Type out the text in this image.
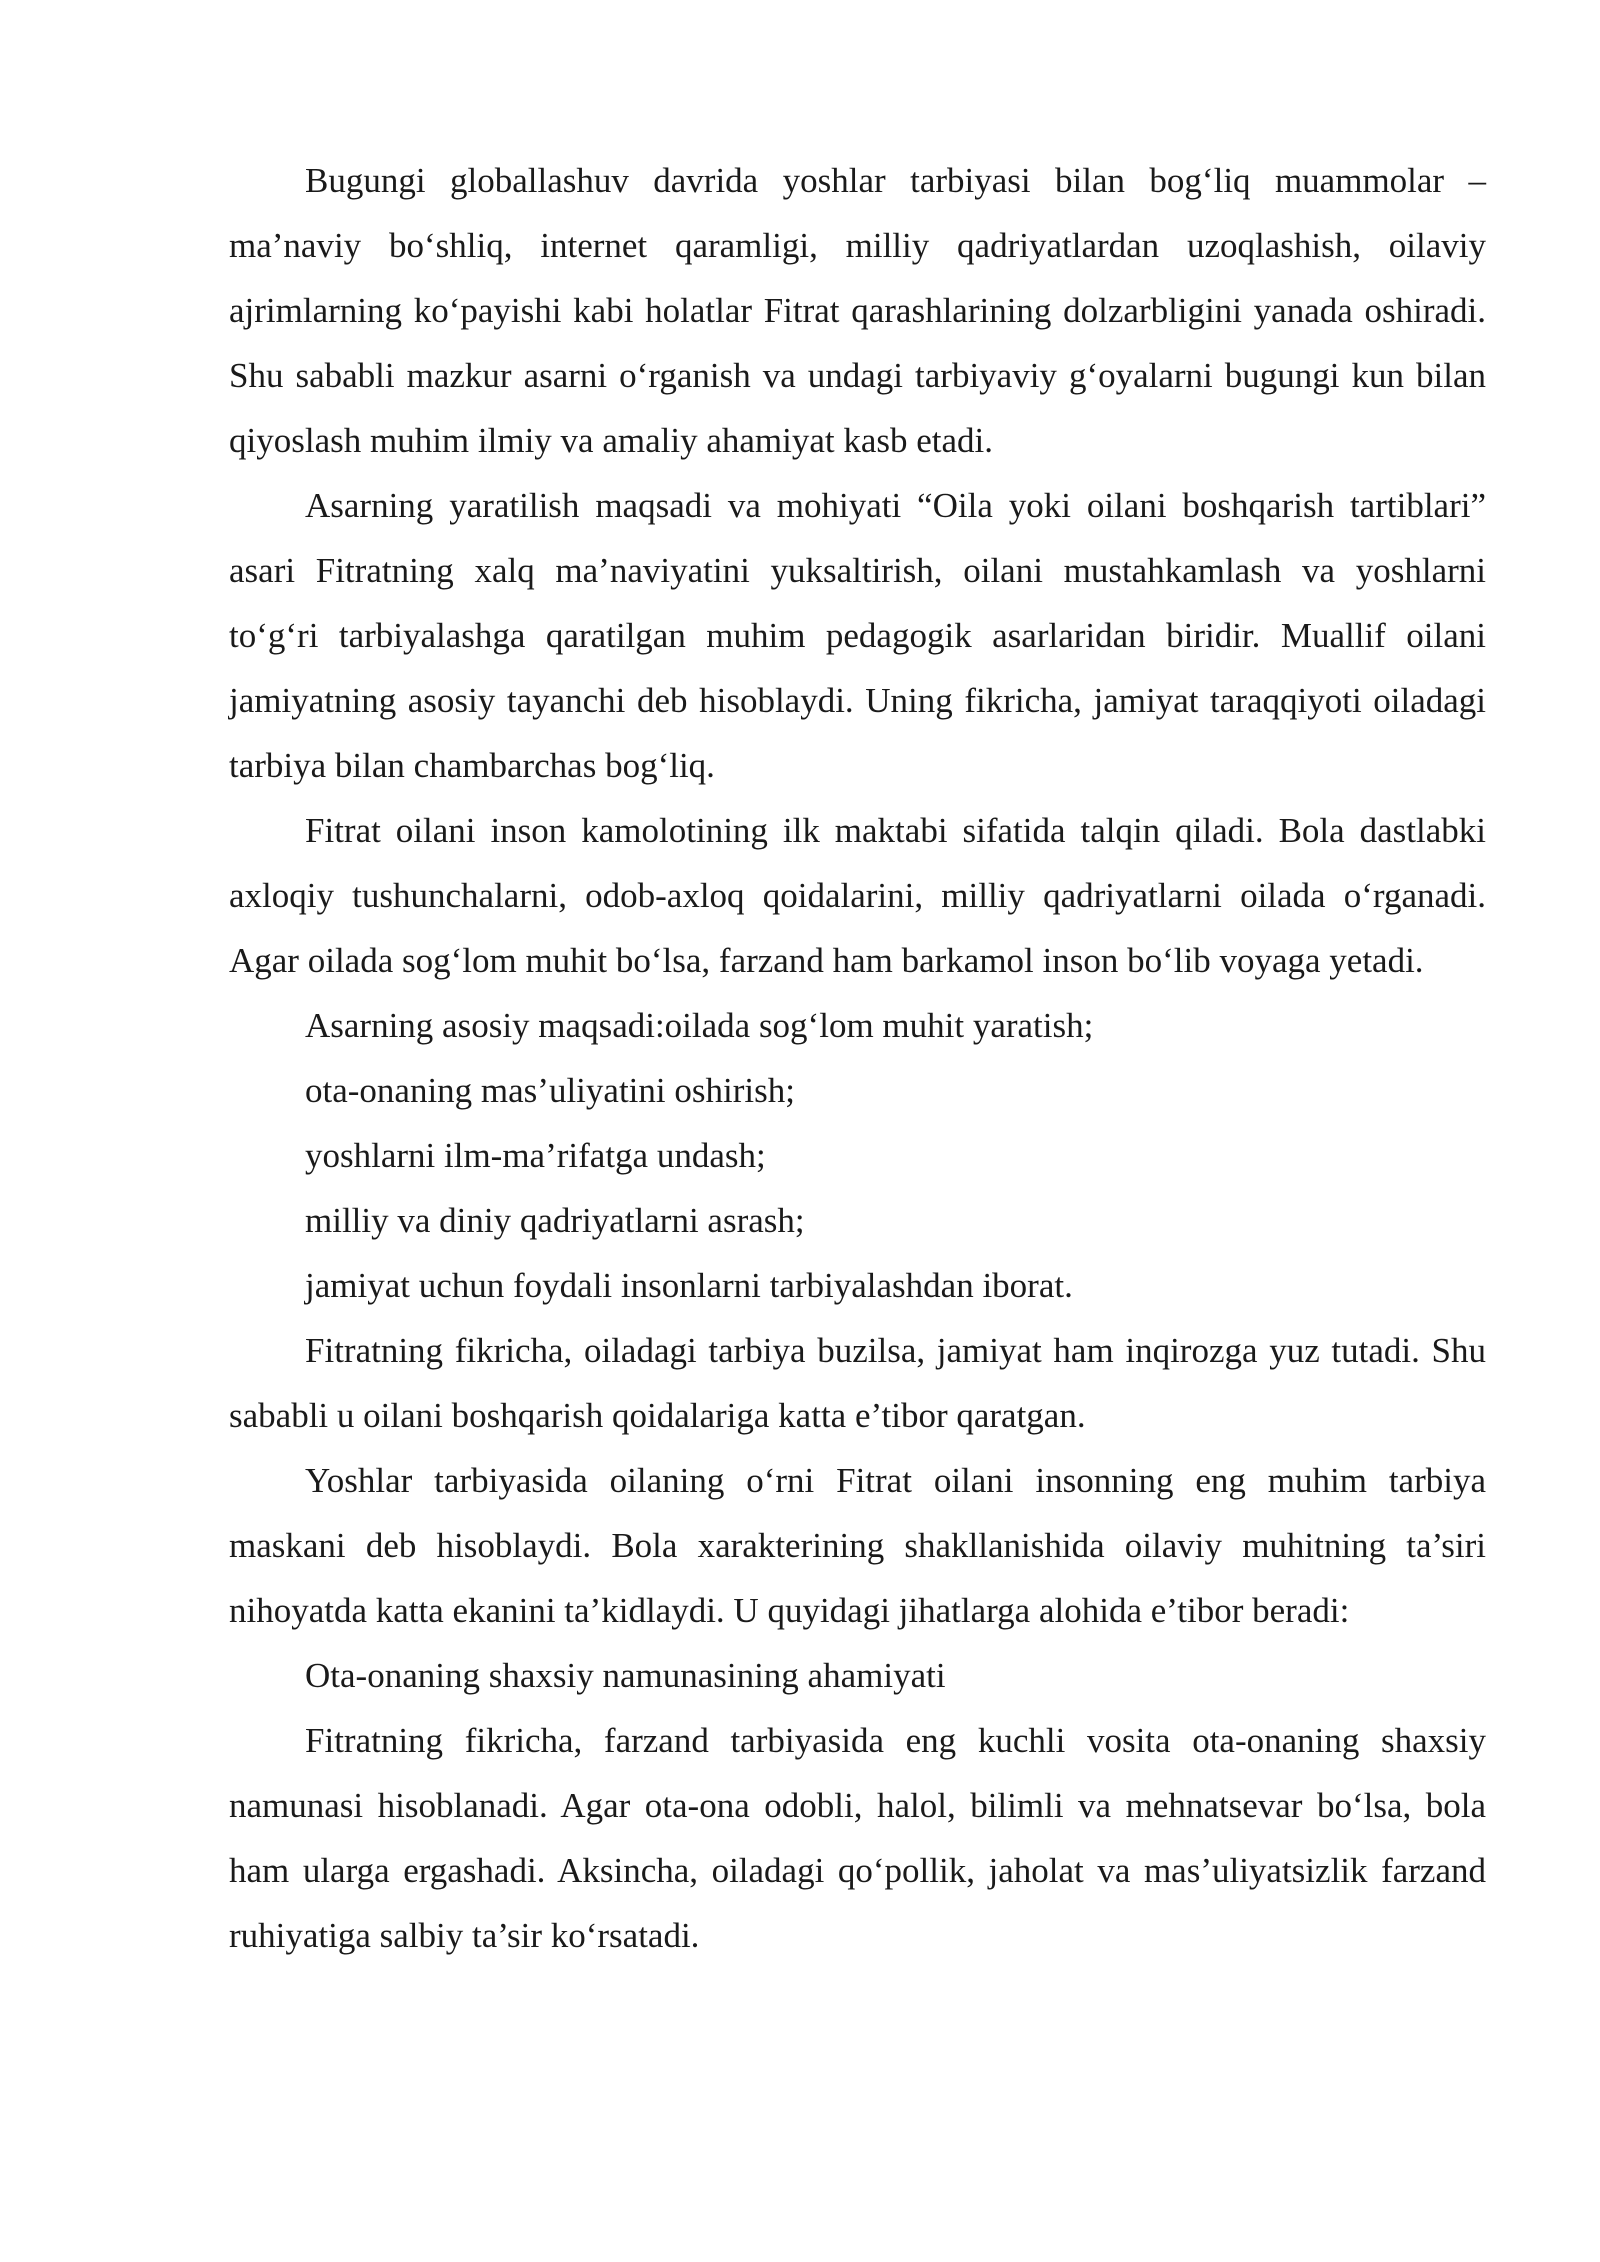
Bugungi globallashuv davrida yoshlar tarbiyasi bilan bog‘liq muammolar – ma’naviy bo‘shliq, internet qaramligi, milliy qadriyatlardan uzoqlashish, oilaviy ajrimlarning ko‘payishi kabi holatlar Fitrat qarashlarining dolzarbligini yanada oshiradi. Shu sababli mazkur asarni o‘rganish va undagi tarbiyaviy g‘oyalarni bugungi kun bilan qiyoslash muhim ilmiy va amaliy ahamiyat kasb etadi.

Asarning yaratilish maqsadi va mohiyati “Oila yoki oilani boshqarish tartiblari” asari Fitratning xalq ma’naviyatini yuksaltirish, oilani mustahkamlash va yoshlarni to‘g‘ri tarbiyalashga qaratilgan muhim pedagogik asarlaridan biridir. Muallif oilani jamiyatning asosiy tayanchi deb hisoblaydi. Uning fikricha, jamiyat taraqqiyoti oiladagi tarbiya bilan chambarchas bog‘liq.

Fitrat oilani inson kamolotining ilk maktabi sifatida talqin qiladi. Bola dastlabki axloqiy tushunchalarni, odob-axloq qoidalarini, milliy qadriyatlarni oilada o‘rganadi. Agar oilada sog‘lom muhit bo‘lsa, farzand ham barkamol inson bo‘lib voyaga yetadi.

Asarning asosiy maqsadi:oilada sog‘lom muhit yaratish;

ota-onaning mas’uliyatini oshirish;

yoshlarni ilm-ma’rifatga undash;

milliy va diniy qadriyatlarni asrash;

jamiyat uchun foydali insonlarni tarbiyalashdan iborat.

Fitratning fikricha, oiladagi tarbiya buzilsa, jamiyat ham inqirozga yuz tutadi. Shu sababli u oilani boshqarish qoidalariga katta e’tibor qaratgan.

Yoshlar tarbiyasida oilaning o‘rni Fitrat oilani insonning eng muhim tarbiya maskani deb hisoblaydi. Bola xarakterining shakllanishida oilaviy muhitning ta’siri nihoyatda katta ekanini ta’kidlaydi. U quyidagi jihatlarga alohida e’tibor beradi:

Ota-onaning shaxsiy namunasining ahamiyati

Fitratning fikricha, farzand tarbiyasida eng kuchli vosita ota-onaning shaxsiy namunasi hisoblanadi. Agar ota-ona odobli, halol, bilimli va mehnatsevar bo‘lsa, bola ham ularga ergashadi. Aksincha, oiladagi qo‘pollik, jaholat va mas’uliyatsizlik farzand ruhiyatiga salbiy ta’sir ko‘rsatadi.
